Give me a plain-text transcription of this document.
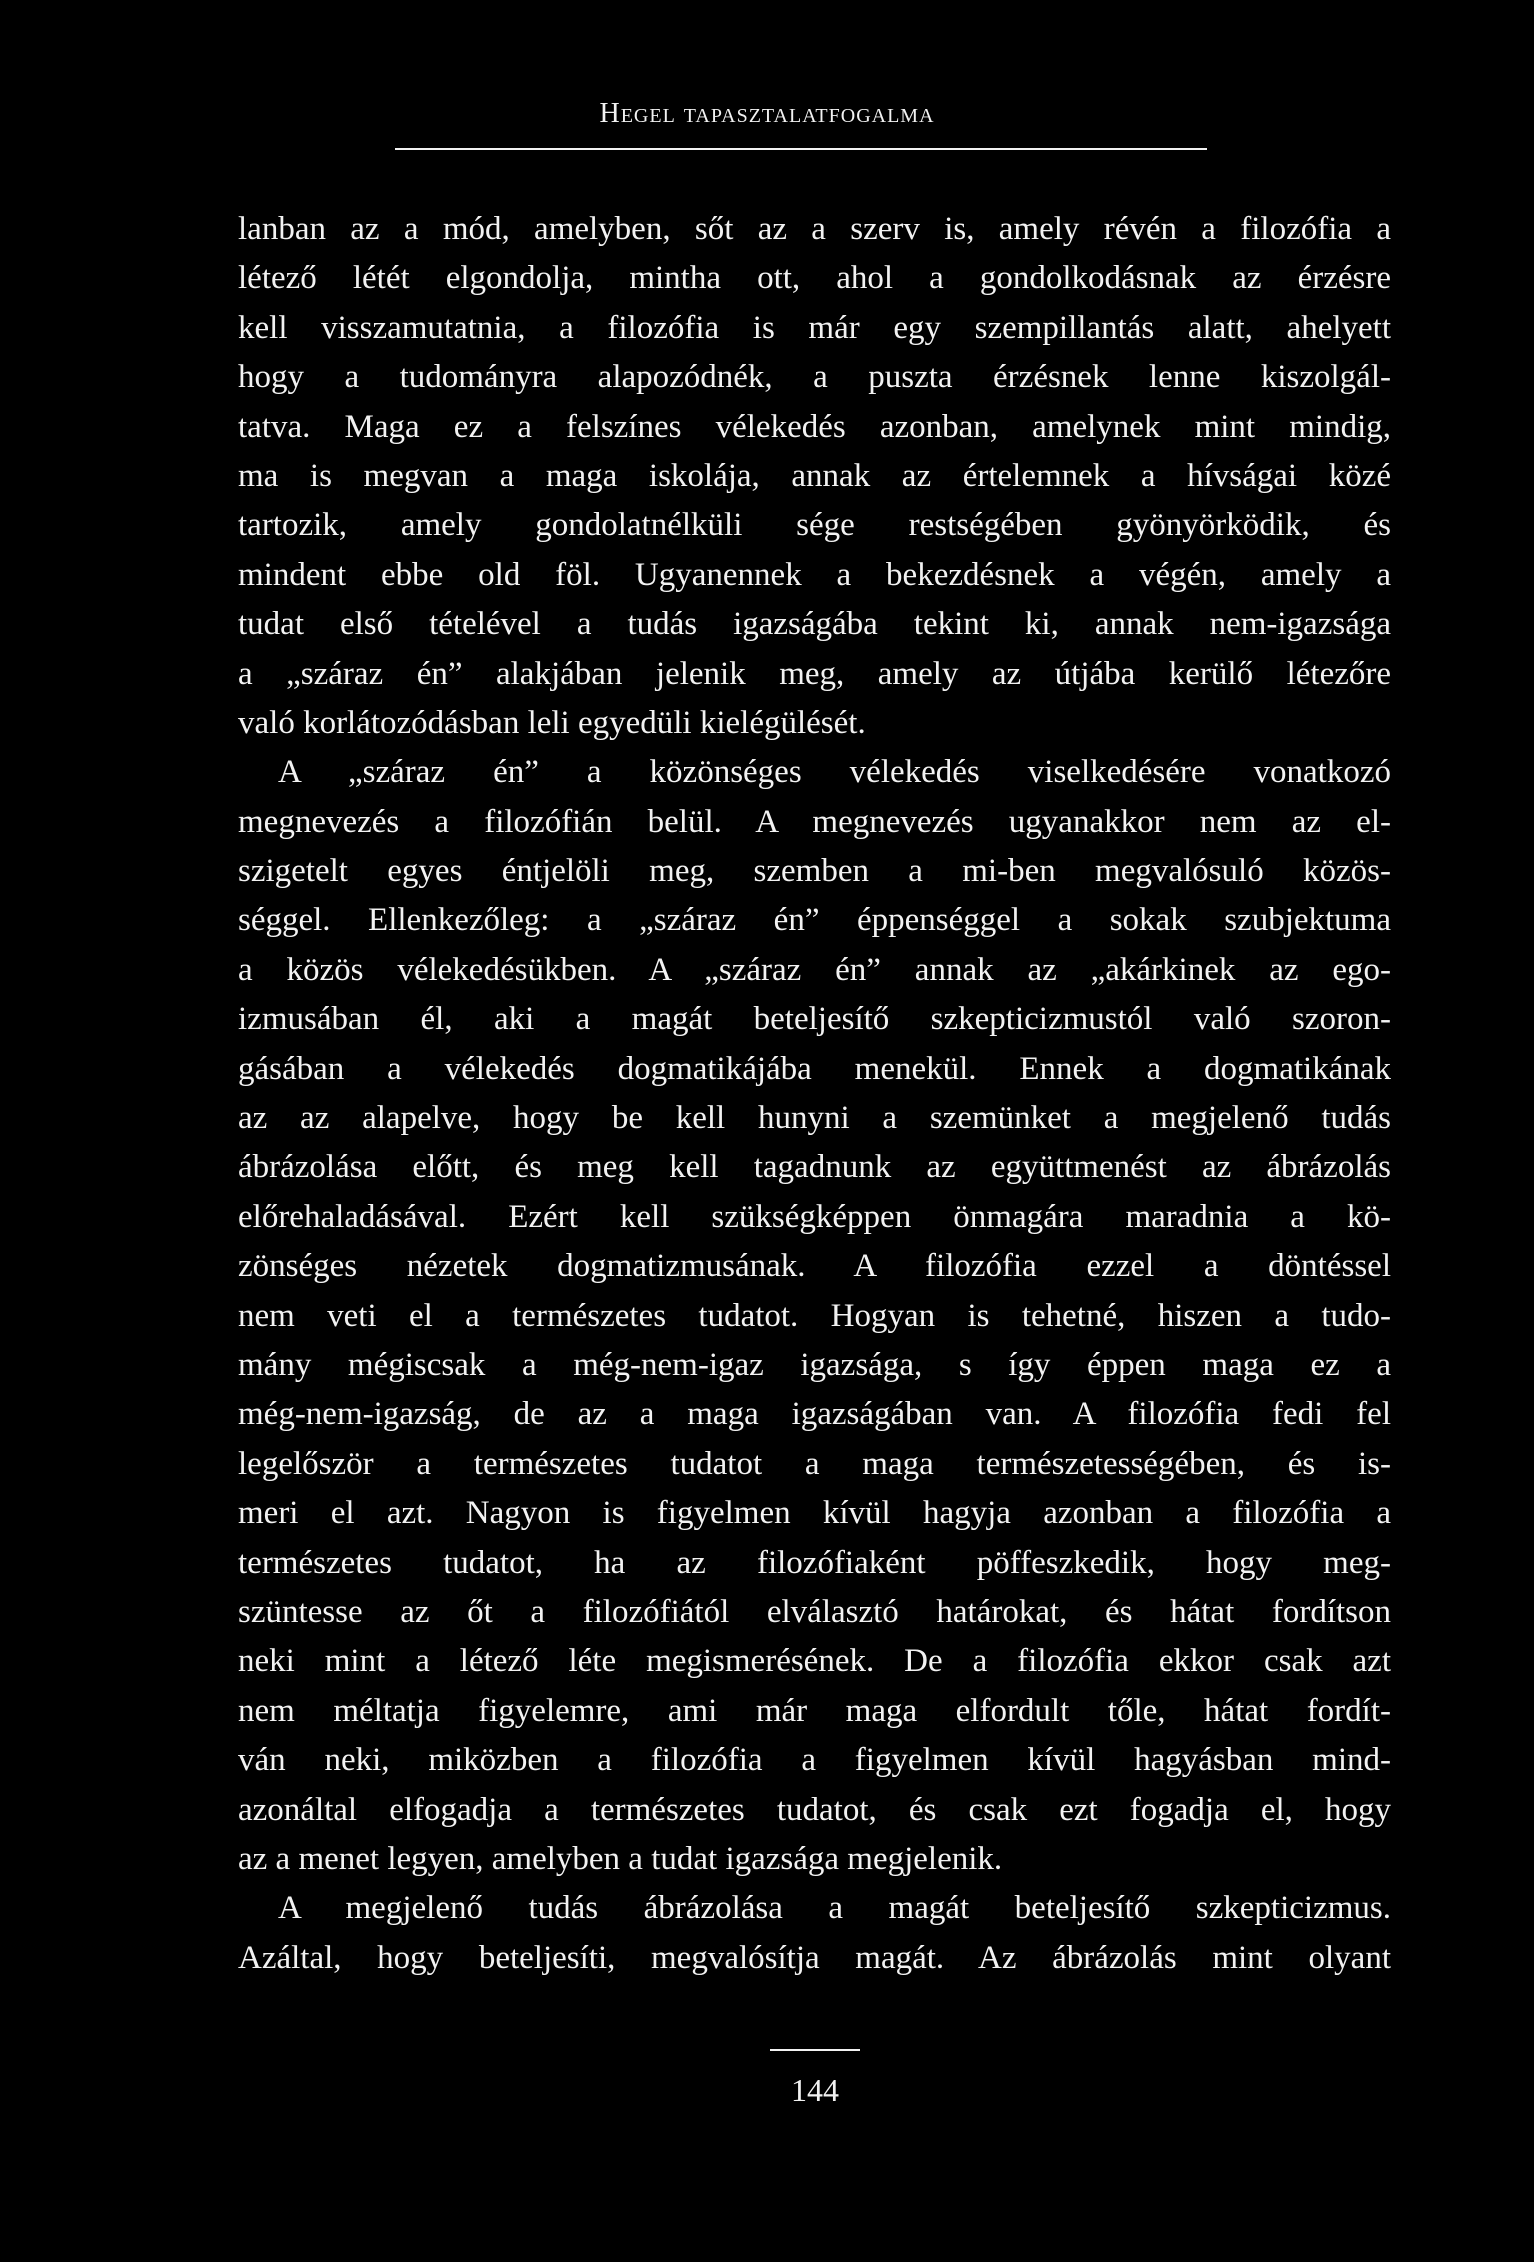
Hegel tapasztalatfogalma
lanban az a mód, amelyben, sőt az a szerv is, amely révén a filozófia a
létező létét elgondolja, mintha ott, ahol a gondolkodásnak az érzésre
kell visszamutatnia, a filozófia is már egy szempillantás alatt, ahelyett
hogy a tudományra alapozódnék, a puszta érzésnek lenne kiszolgál-
tatva. Maga ez a felszínes vélekedés azonban, amelynek mint mindig,
ma is megvan a maga iskolája, annak az értelemnek a hívságai közé
tartozik, amely gondolatnélküli sége restségében gyönyörködik, és
mindent ebbe old föl. Ugyanennek a bekezdésnek a végén, amely a
tudat első tételével a tudás igazságába tekint ki, annak nem-igazsága
a „száraz én” alakjában jelenik meg, amely az útjába kerülő létezőre
való korlátozódásban leli egyedüli kielégülését.
A „száraz én” a közönséges vélekedés viselkedésére vonatkozó
megnevezés a filozófián belül. A megnevezés ugyanakkor nem az el-
szigetelt egyes éntjelöli meg, szemben a mi-ben megvalósuló közös-
séggel. Ellenkezőleg: a „száraz én” éppenséggel a sokak szubjektuma
a közös vélekedésükben. A „száraz én” annak az „akárkinek az ego-
izmusában él, aki a magát beteljesítő szkepticizmustól való szoron-
gásában a vélekedés dogmatikájába menekül. Ennek a dogmatikának
az az alapelve, hogy be kell hunyni a szemünket a megjelenő tudás
ábrázolása előtt, és meg kell tagadnunk az együttmenést az ábrázolás
előrehaladásával. Ezért kell szükségképpen önmagára maradnia a kö-
zönséges nézetek dogmatizmusának. A filozófia ezzel a döntéssel
nem veti el a természetes tudatot. Hogyan is tehetné, hiszen a tudo-
mány mégiscsak a még-nem-igaz igazsága, s így éppen maga ez a
még-nem-igazság, de az a maga igazságában van. A filozófia fedi fel
legelőször a természetes tudatot a maga természetességében, és is-
meri el azt. Nagyon is figyelmen kívül hagyja azonban a filozófia a
természetes tudatot, ha az filozófiaként pöffeszkedik, hogy meg-
szüntesse az őt a filozófiától elválasztó határokat, és hátat fordítson
neki mint a létező léte megismerésének. De a filozófia ekkor csak azt
nem méltatja figyelemre, ami már maga elfordult tőle, hátat fordít-
ván neki, miközben a filozófia a figyelmen kívül hagyásban mind-
azonáltal elfogadja a természetes tudatot, és csak ezt fogadja el, hogy
az a menet legyen, amelyben a tudat igazsága megjelenik.
A megjelenő tudás ábrázolása a magát beteljesítő szkepticizmus.
Azáltal, hogy beteljesíti, megvalósítja magát. Az ábrázolás mint olyant
144
